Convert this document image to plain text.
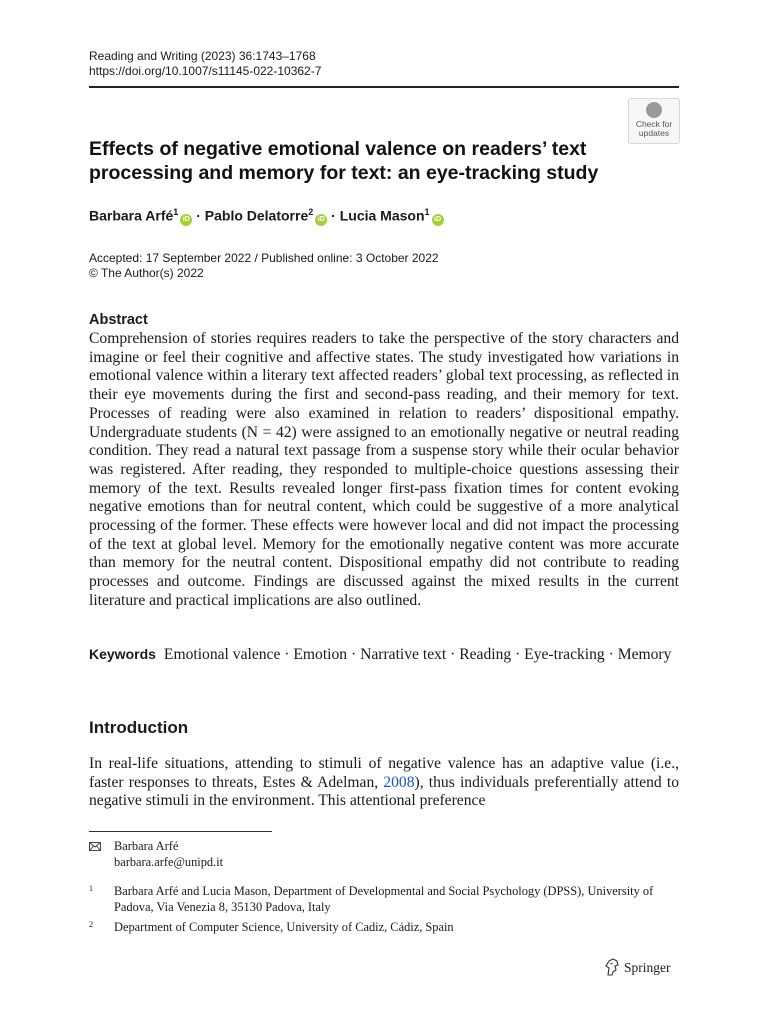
Reading and Writing (2023) 36:1743–1768
https://doi.org/10.1007/s11145-022-10362-7
Check for
updates
Effects of negative emotional valence on readers’ text processing and memory for text: an eye-tracking study
Barbara Arfé$^1$iD · Pablo Delatorre$^2$iD · Lucia Mason$^1$iD
Accepted: 17 September 2022 / Published online: 3 October 2022
© The Author(s) 2022
Abstract

Comprehension of stories requires readers to take the perspective of the story characters and imagine or feel their cognitive and affective states. The study investigated how variations in emotional valence within a literary text affected readers’ global text processing, as reflected in their eye movements during the first and second-pass reading, and their memory for text. Processes of reading were also examined in relation to readers’ dispositional empathy. Undergraduate students (N = 42) were assigned to an emotionally negative or neutral reading condition. They read a natural text passage from a suspense story while their ocular behavior was registered. After reading, they responded to multiple-choice questions assessing their memory of the text. Results revealed longer first-pass fixation times for content evoking negative emotions than for neutral content, which could be suggestive of a more analytical processing of the former. These effects were however local and did not impact the processing of the text at global level. Memory for the emotionally negative content was more accurate than memory for the neutral content. Dispositional empathy did not contribute to reading processes and outcome. Findings are discussed against the mixed results in the current literature and practical implications are also outlined.

Keywords Emotional valence · Emotion · Narrative text · Reading · Eye-tracking · Memory
Introduction

In real-life situations, attending to stimuli of negative valence has an adaptive value (i.e., faster responses to threats, Estes & Adelman, 2008), thus individuals preferentially attend to negative stimuli in the environment. This attentional preference

Barbara Arfé
barbara.arfe@unipd.it
1 Barbara Arfé and Lucia Mason, Department of Developmental and Social Psychology (DPSS), University of Padova, Via Venezia 8, 35130 Padova, Italy
2 Department of Computer Science, University of Cadiz, Cádiz, Spain
Springer
